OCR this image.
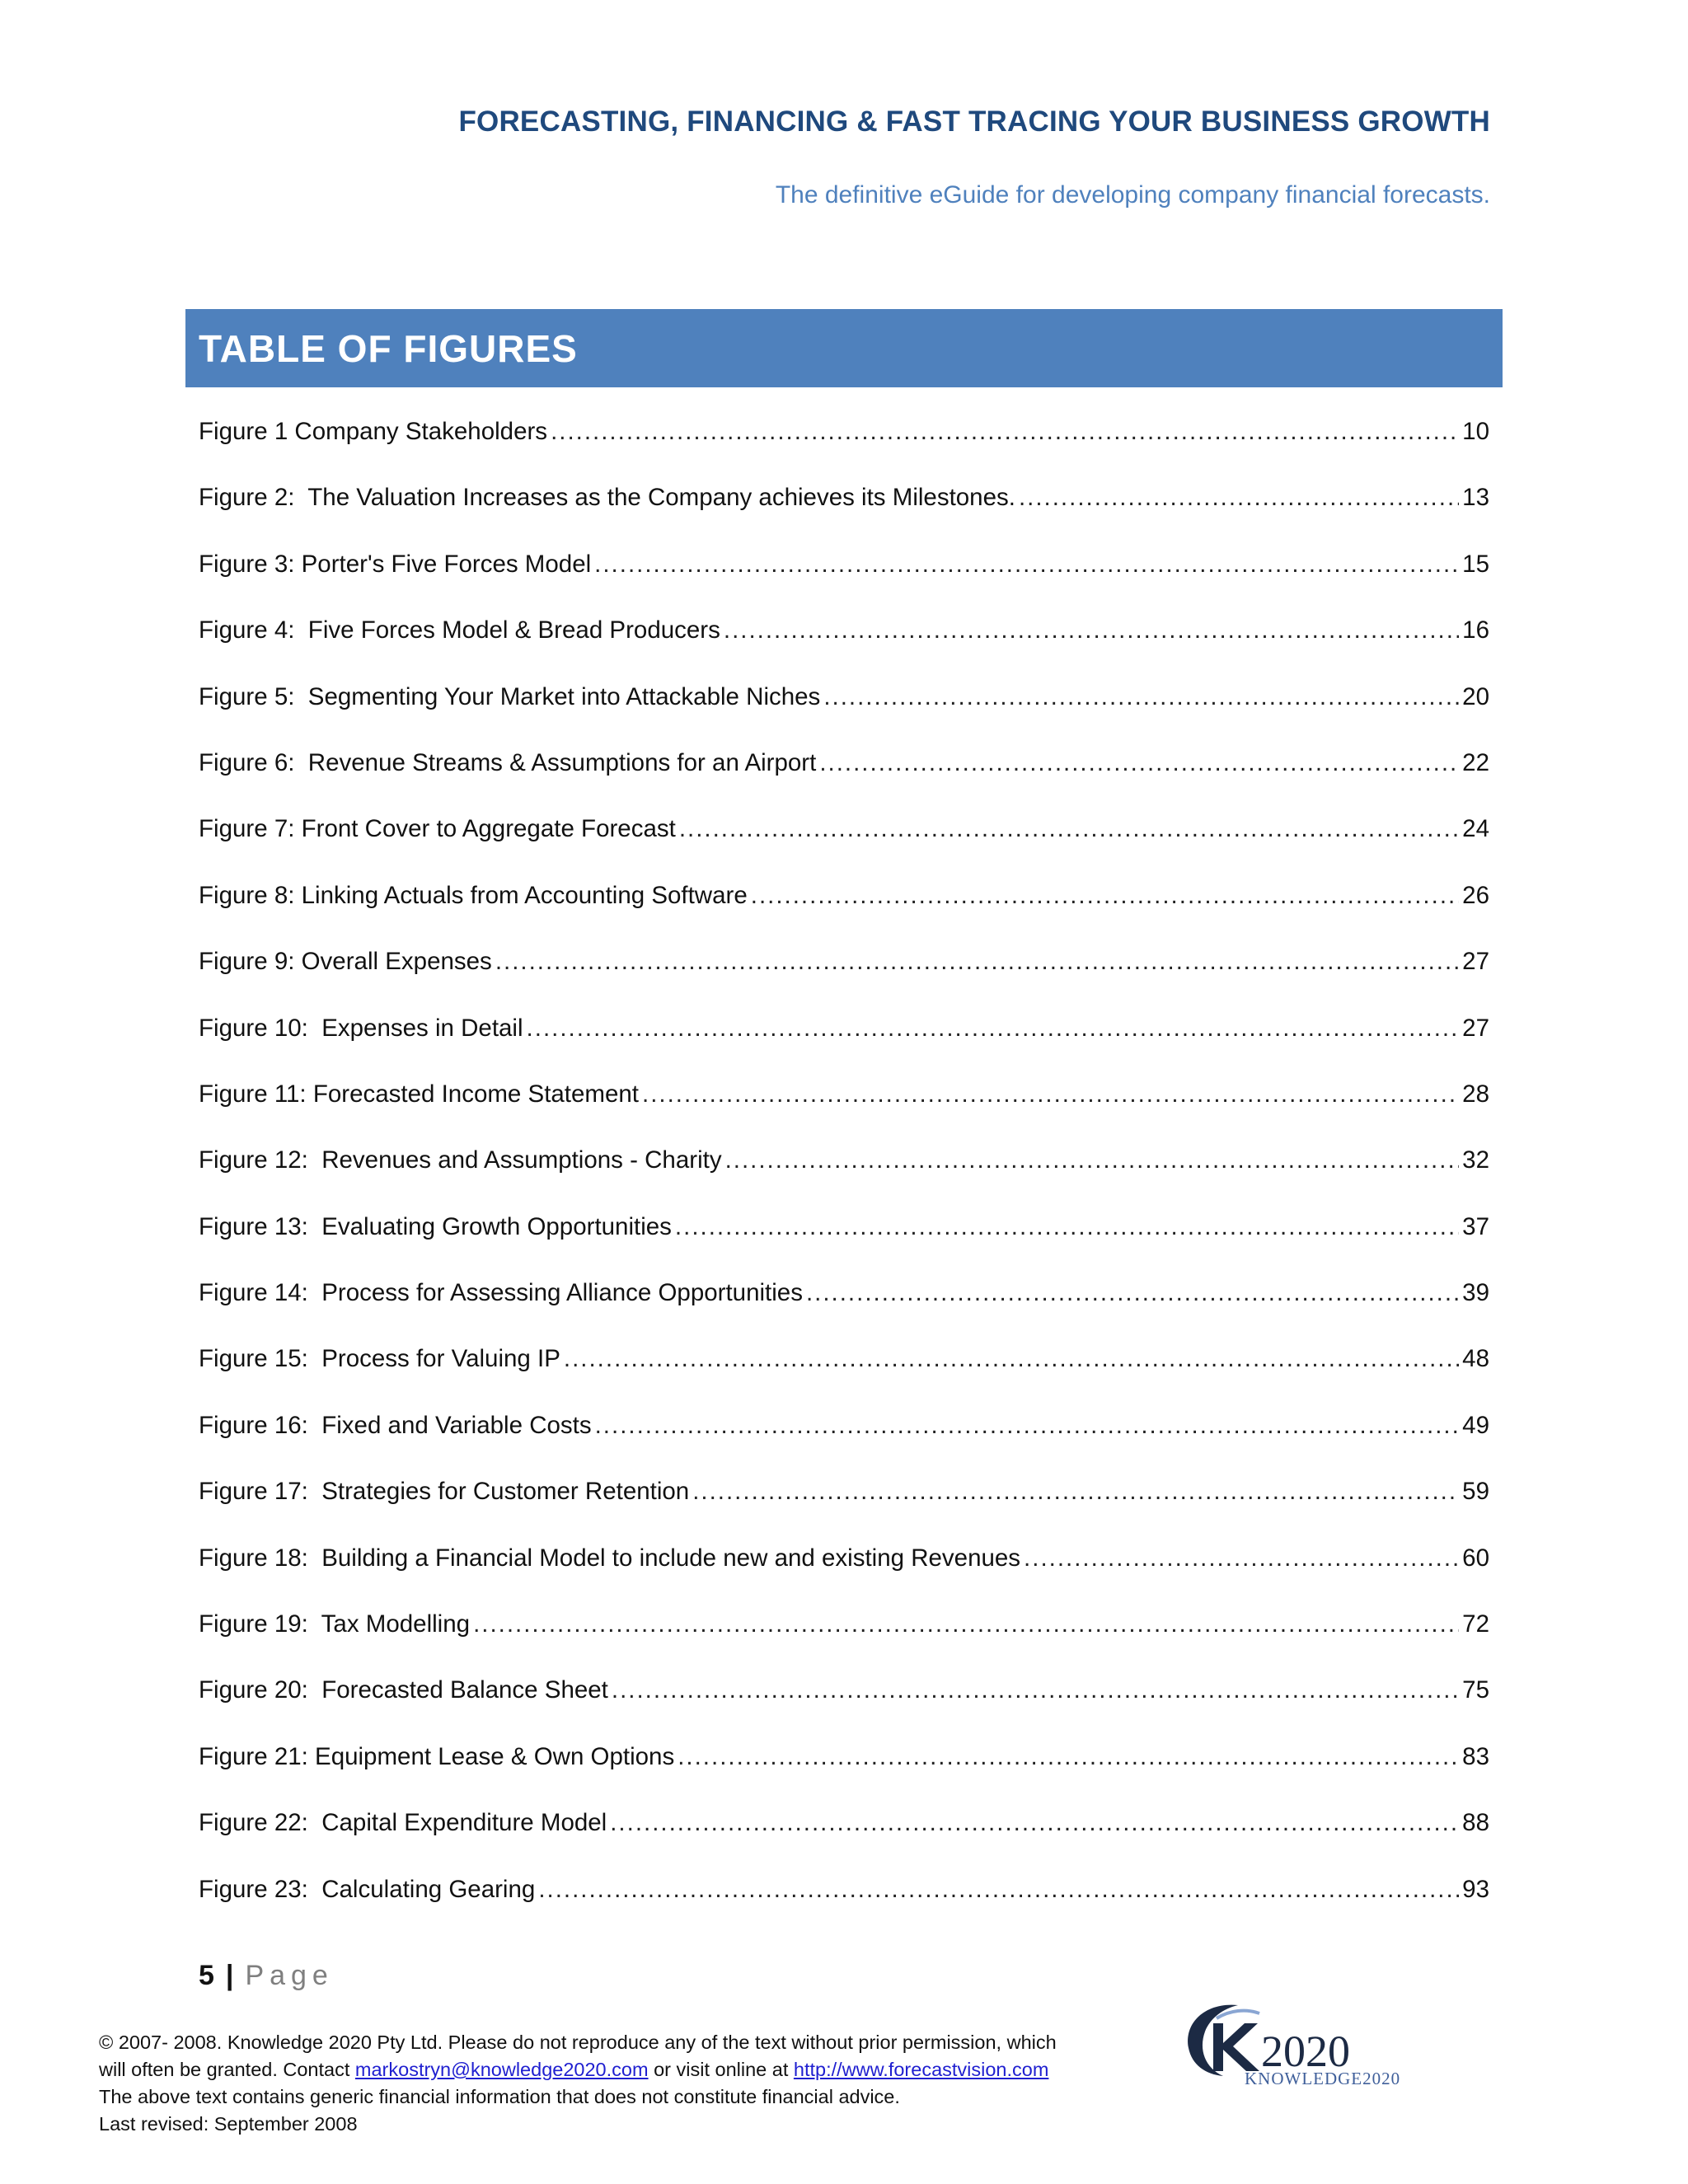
FORECASTING, FINANCING & FAST TRACING YOUR BUSINESS GROWTH
The definitive eGuide for developing company financial forecasts.
TABLE OF FIGURES
Figure 1 Company Stakeholders .....	10
Figure 2:  The Valuation Increases as the Company achieves its Milestones. .....	13
Figure 3: Porter's Five Forces Model .....	15
Figure 4:  Five Forces Model & Bread Producers .....	16
Figure 5:  Segmenting Your Market into Attackable Niches .....	20
Figure 6:  Revenue Streams & Assumptions for an Airport .....	22
Figure 7: Front Cover to Aggregate Forecast .....	24
Figure 8: Linking Actuals from Accounting Software .....	26
Figure 9: Overall Expenses .....	27
Figure 10:  Expenses in Detail .....	27
Figure 11: Forecasted Income Statement .....	28
Figure 12:  Revenues and Assumptions - Charity .....	32
Figure 13:  Evaluating Growth Opportunities .....	37
Figure 14:  Process for Assessing Alliance Opportunities .....	39
Figure 15:  Process for Valuing IP .....	48
Figure 16:  Fixed and Variable Costs .....	49
Figure 17:  Strategies for Customer Retention .....	59
Figure 18:  Building a Financial Model to include new and existing Revenues .....	60
Figure 19:  Tax Modelling .....	72
Figure 20:  Forecasted Balance Sheet .....	75
Figure 21: Equipment Lease & Own Options .....	83
Figure 22:  Capital Expenditure Model .....	88
Figure 23:  Calculating Gearing .....	93
5 | Page
© 2007- 2008. Knowledge 2020 Pty Ltd. Please do not reproduce any of the text without prior permission, which
will often be granted. Contact markostryn@knowledge2020.com or visit online at http://www.forecastvision.com
The above text contains generic financial information that does not constitute financial advice.
Last revised: September 2008
2020
KNOWLEDGE2020
